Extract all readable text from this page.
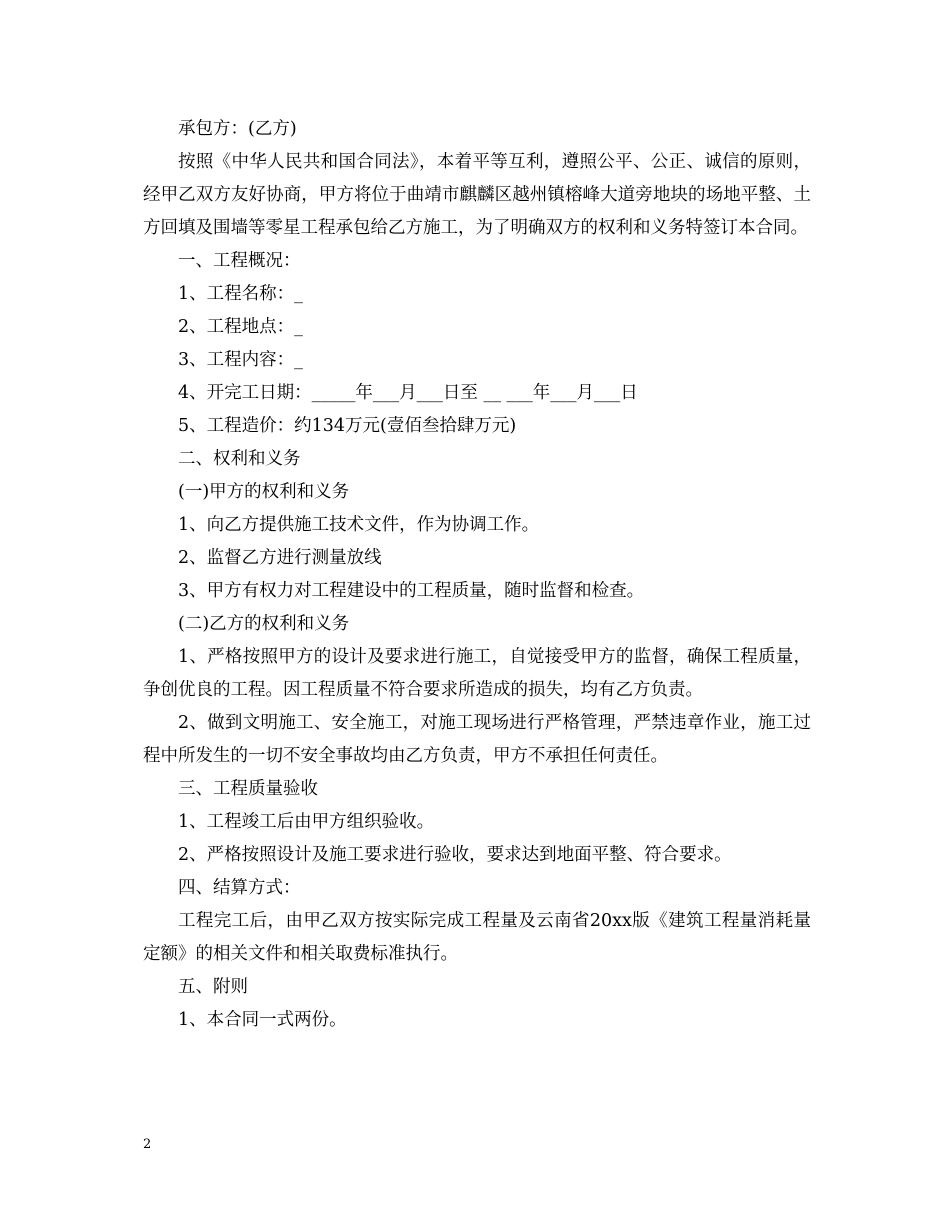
承包方：(乙方)

按照《中华人民共和国合同法》，本着平等互利，遵照公平、公正、诚信的原则，经甲乙双方友好协商，甲方将位于曲靖市麒麟区越州镇榕峰大道旁地块的场地平整、土方回填及围墙等零星工程承包给乙方施工，为了明确双方的权利和义务特签订本合同。

一、工程概况：

1、工程名称：_

2、工程地点：_

3、工程内容：_

4、开完工日期：_____年___月___日至 __ ___年___月___日

5、工程造价：约134万元(壹佰叁拾肆万元)

二、权利和义务

(一)甲方的权利和义务

1、向乙方提供施工技术文件，作为协调工作。

2、监督乙方进行测量放线

3、甲方有权力对工程建设中的工程质量，随时监督和检查。

(二)乙方的权利和义务

1、严格按照甲方的设计及要求进行施工，自觉接受甲方的监督，确保工程质量，争创优良的工程。因工程质量不符合要求所造成的损失，均有乙方负责。

2、做到文明施工、安全施工，对施工现场进行严格管理，严禁违章作业，施工过程中所发生的一切不安全事故均由乙方负责，甲方不承担任何责任。

三、工程质量验收

1、工程竣工后由甲方组织验收。

2、严格按照设计及施工要求进行验收，要求达到地面平整、符合要求。

四、结算方式：

工程完工后，由甲乙双方按实际完成工程量及云南省20xx版《建筑工程量消耗量定额》的相关文件和相关取费标准执行。

五、附则

1、本合同一式两份。

2
